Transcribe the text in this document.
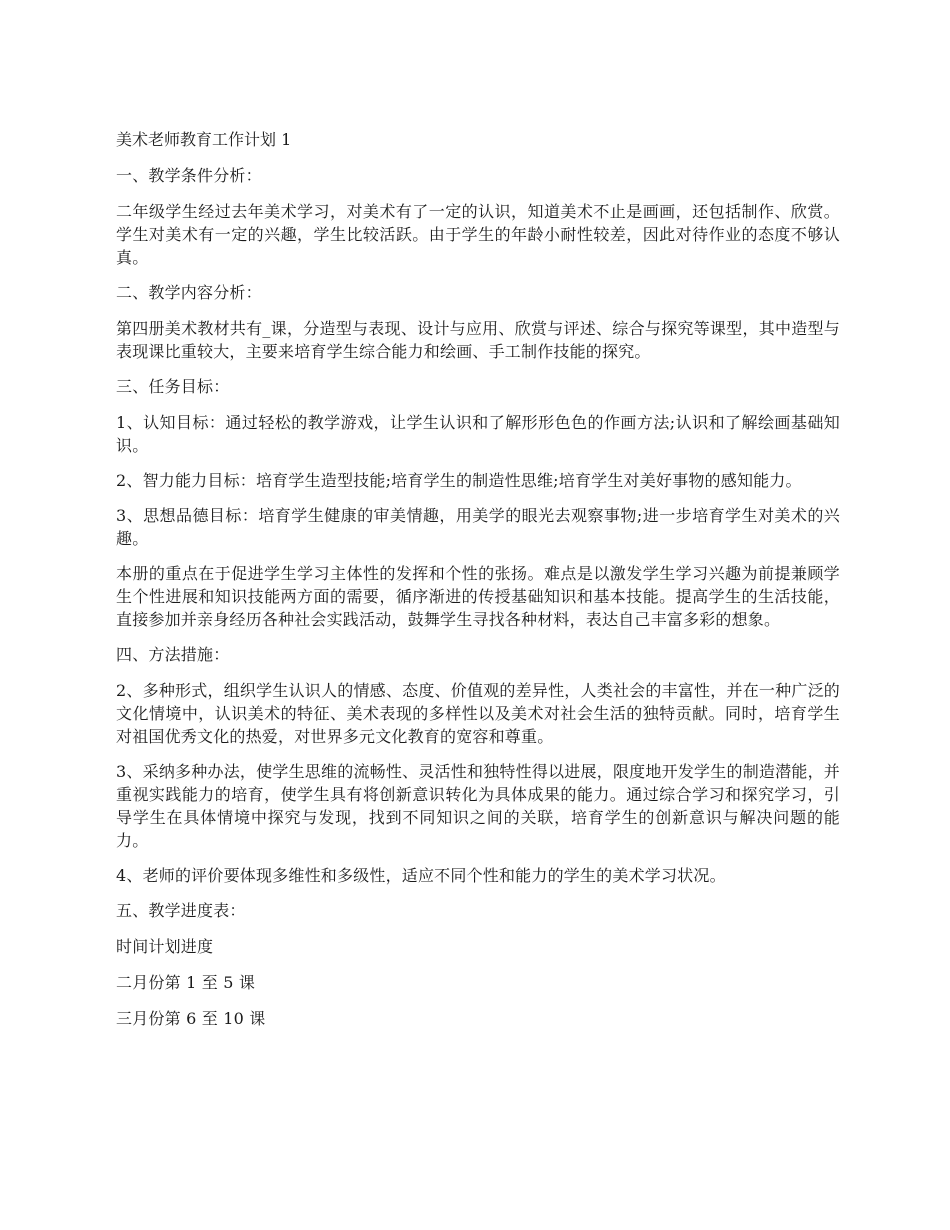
美术老师教育工作计划 1

一、教学条件分析：

二年级学生经过去年美术学习，对美术有了一定的认识，知道美术不止是画画，还包括制作、欣赏。学生对美术有一定的兴趣，学生比较活跃。由于学生的年龄小耐性较差，因此对待作业的态度不够认真。

二、教学内容分析：

第四册美术教材共有_课，分造型与表现、设计与应用、欣赏与评述、综合与探究等课型，其中造型与表现课比重较大，主要来培育学生综合能力和绘画、手工制作技能的探究。

三、任务目标：

1、认知目标：通过轻松的教学游戏，让学生认识和了解形形色色的作画方法;认识和了解绘画基础知识。

2、智力能力目标：培育学生造型技能;培育学生的制造性思维;培育学生对美好事物的感知能力。

3、思想品德目标：培育学生健康的审美情趣，用美学的眼光去观察事物;进一步培育学生对美术的兴趣。

本册的重点在于促进学生学习主体性的发挥和个性的张扬。难点是以激发学生学习兴趣为前提兼顾学生个性进展和知识技能两方面的需要，循序渐进的传授基础知识和基本技能。提高学生的生活技能，直接参加并亲身经历各种社会实践活动，鼓舞学生寻找各种材料，表达自己丰富多彩的想象。

四、方法措施：

2、多种形式，组织学生认识人的情感、态度、价值观的差异性，人类社会的丰富性，并在一种广泛的文化情境中，认识美术的特征、美术表现的多样性以及美术对社会生活的独特贡献。同时，培育学生对祖国优秀文化的热爱，对世界多元文化教育的宽容和尊重。

3、采纳多种办法，使学生思维的流畅性、灵活性和独特性得以进展，限度地开发学生的制造潜能，并重视实践能力的培育，使学生具有将创新意识转化为具体成果的能力。通过综合学习和探究学习，引导学生在具体情境中探究与发现，找到不同知识之间的关联，培育学生的创新意识与解决问题的能力。

4、老师的评价要体现多维性和多级性，适应不同个性和能力的学生的美术学习状况。

五、教学进度表：

时间计划进度

二月份第 1 至 5 课

三月份第 6 至 10 课
